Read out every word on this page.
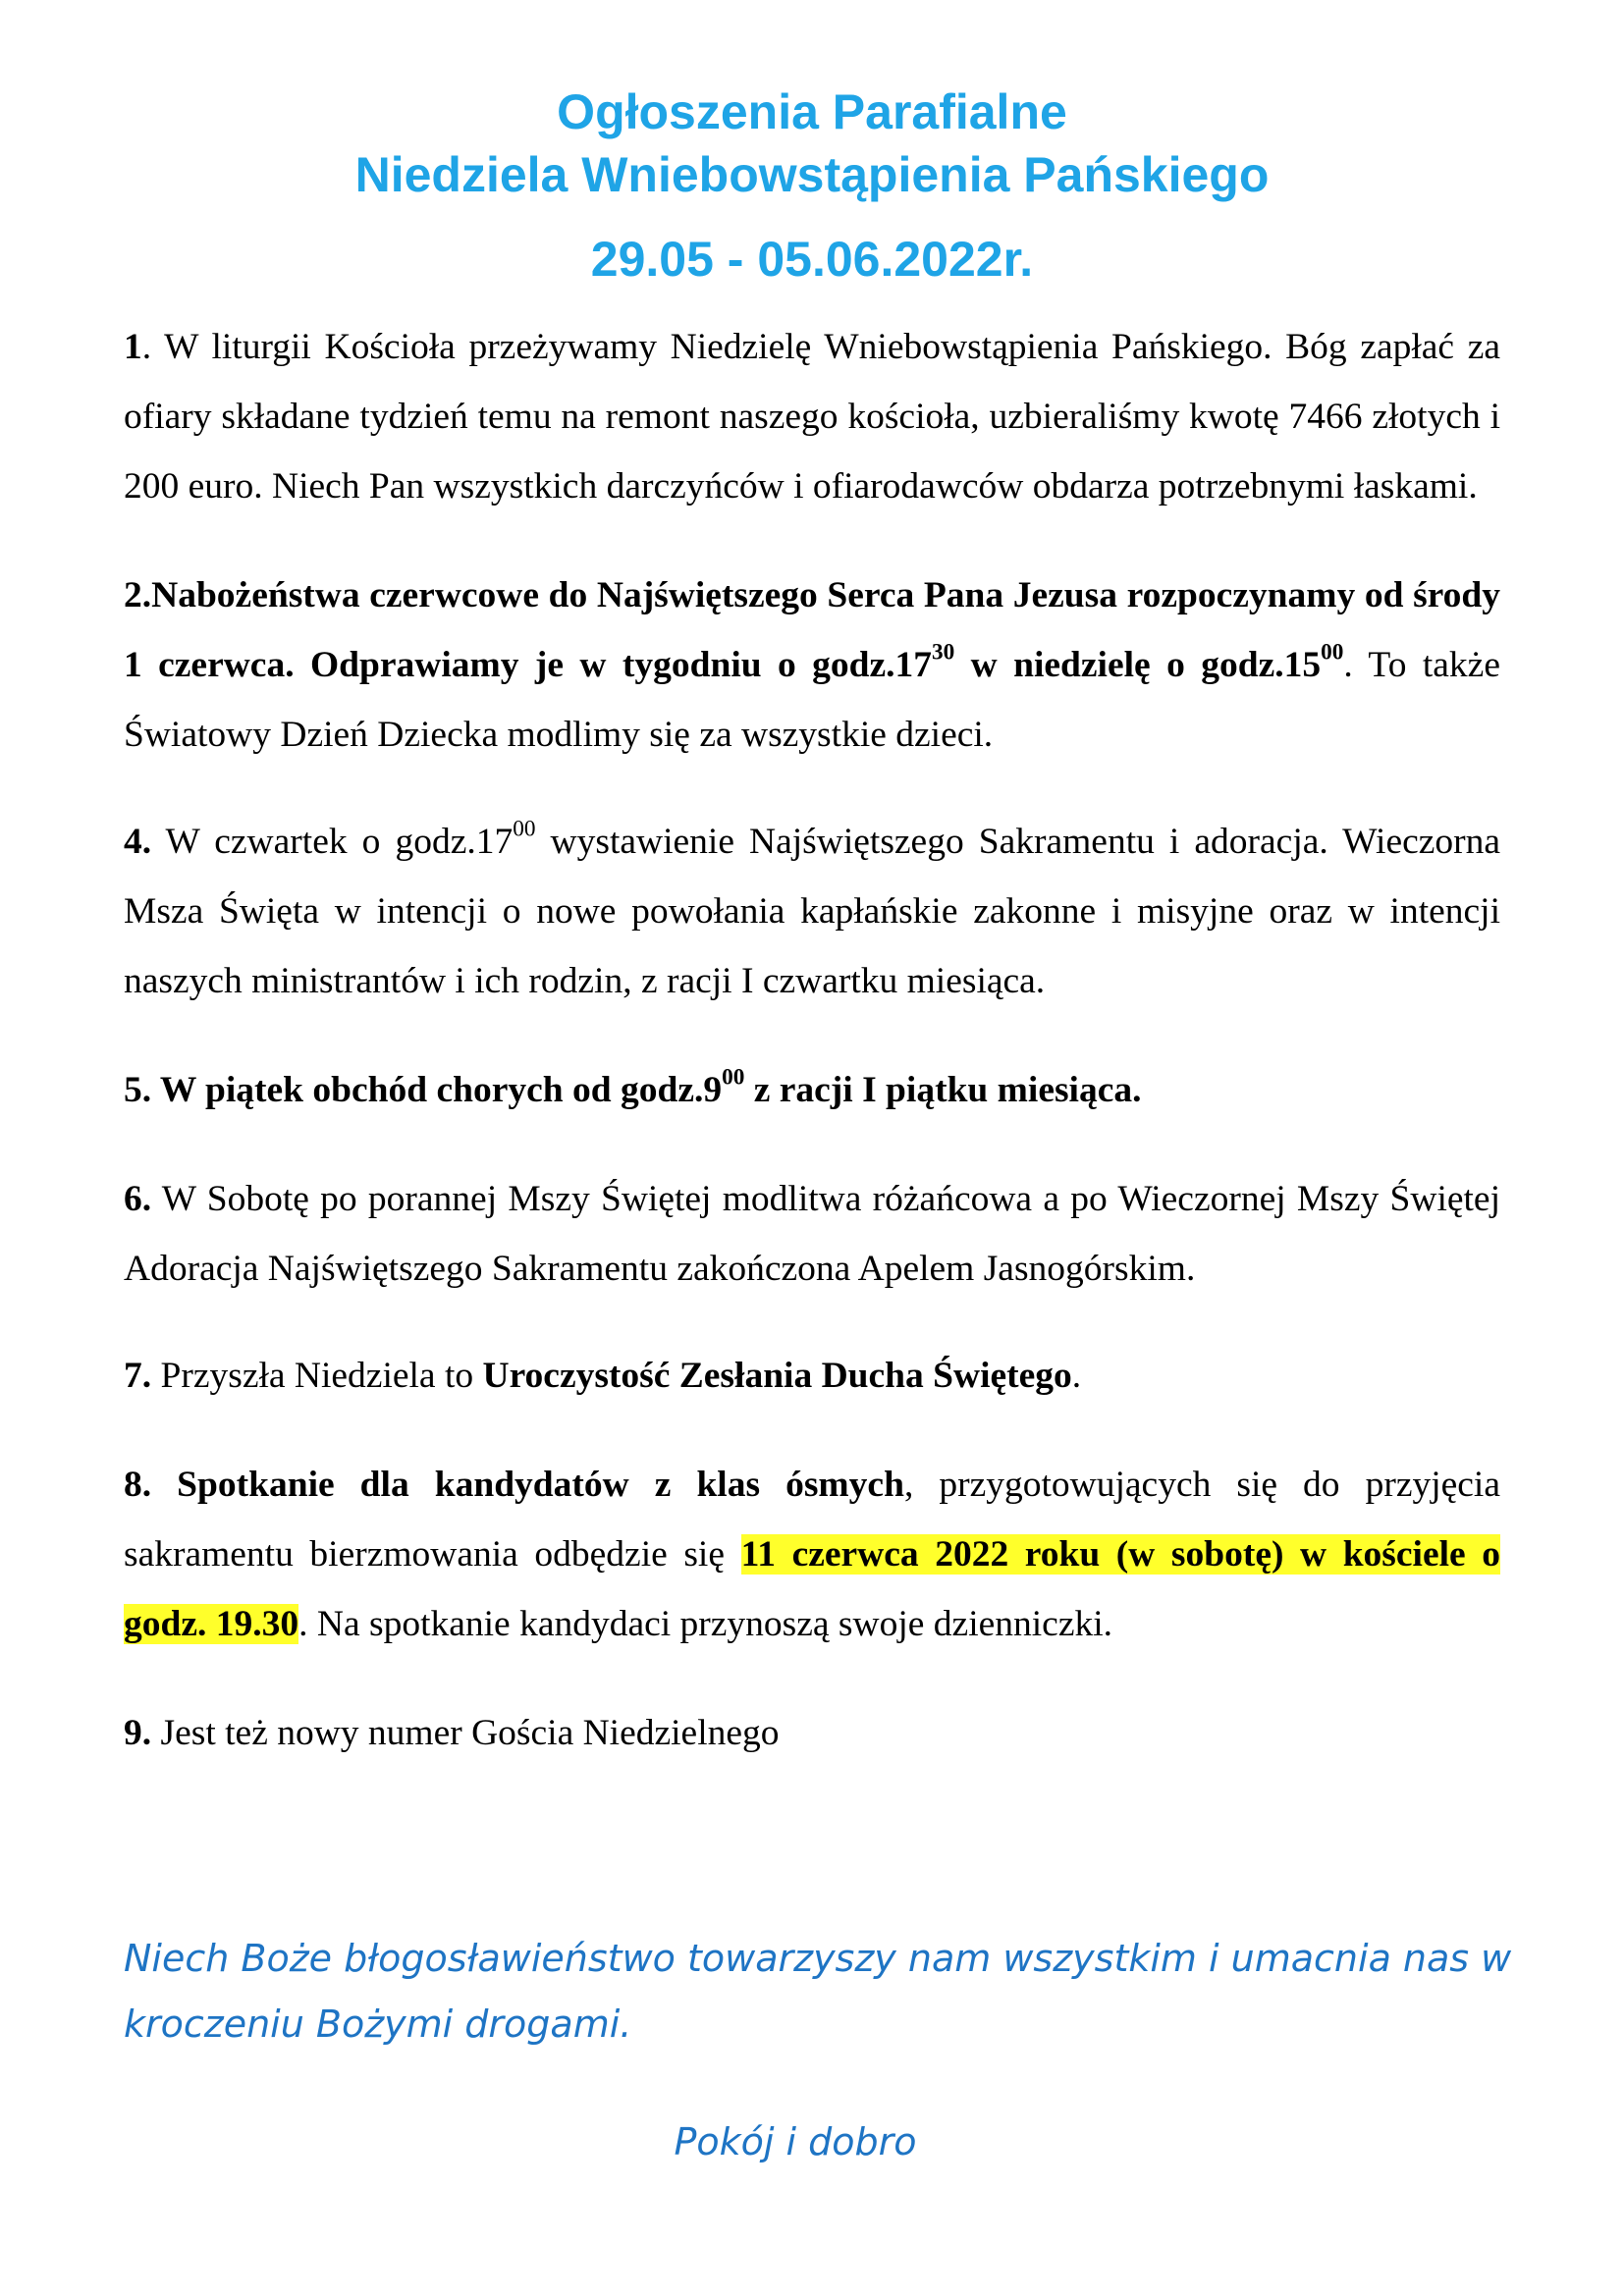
Ogłoszenia Parafialne
Niedziela Wniebowstąpienia Pańskiego
29.05 - 05.06.2022r.

1. W liturgii Kościoła przeżywamy Niedzielę Wniebowstąpienia Pańskiego. Bóg zapłać za ofiary składane tydzień temu na remont naszego kościoła, uzbieraliśmy kwotę 7466 złotych i 200 euro. Niech Pan wszystkich darczyńców i ofiarodawców obdarza potrzebnymi łaskami.

2.Nabożeństwa czerwcowe do Najświętszego Serca Pana Jezusa rozpoczynamy od środy 1 czerwca. Odprawiamy je w tygodniu o $godz.17^{30}$ w niedzielę o $godz.15^{00}$. To także Światowy Dzień Dziecka modlimy się za wszystkie dzieci.

4. W czwartek o $godz.17^{00}$ wystawienie Najświętszego Sakramentu i adoracja. Wieczorna Msza Święta w intencji o nowe powołania kapłańskie zakonne i misyjne oraz w intencji naszych ministrantów i ich rodzin, z racji I czwartku miesiąca.

5. W piątek obchód chorych od $godz.9^{00}$ z racji I piątku miesiąca.

6. W Sobotę po porannej Mszy Świętej modlitwa różańcowa a po Wieczornej Mszy Świętej Adoracja Najświętszego Sakramentu zakończona Apelem Jasnogórskim.

7. Przyszła Niedziela to Uroczystość Zesłania Ducha Świętego.

8. Spotkanie dla kandydatów z klas ósmych, przygotowujących się do przyjęcia sakramentu bierzmowania odbędzie się 11 czerwca 2022 roku (w sobotę) w kościele o godz. 19.30. Na spotkanie kandydaci przynoszą swoje dzienniczki.

9. Jest też nowy numer Gościa Niedzielnego

Niech Boże błogosławieństwo towarzyszy nam wszystkim i umacnia nas w kroczeniu Bożymi drogami.
Pokój i dobro
